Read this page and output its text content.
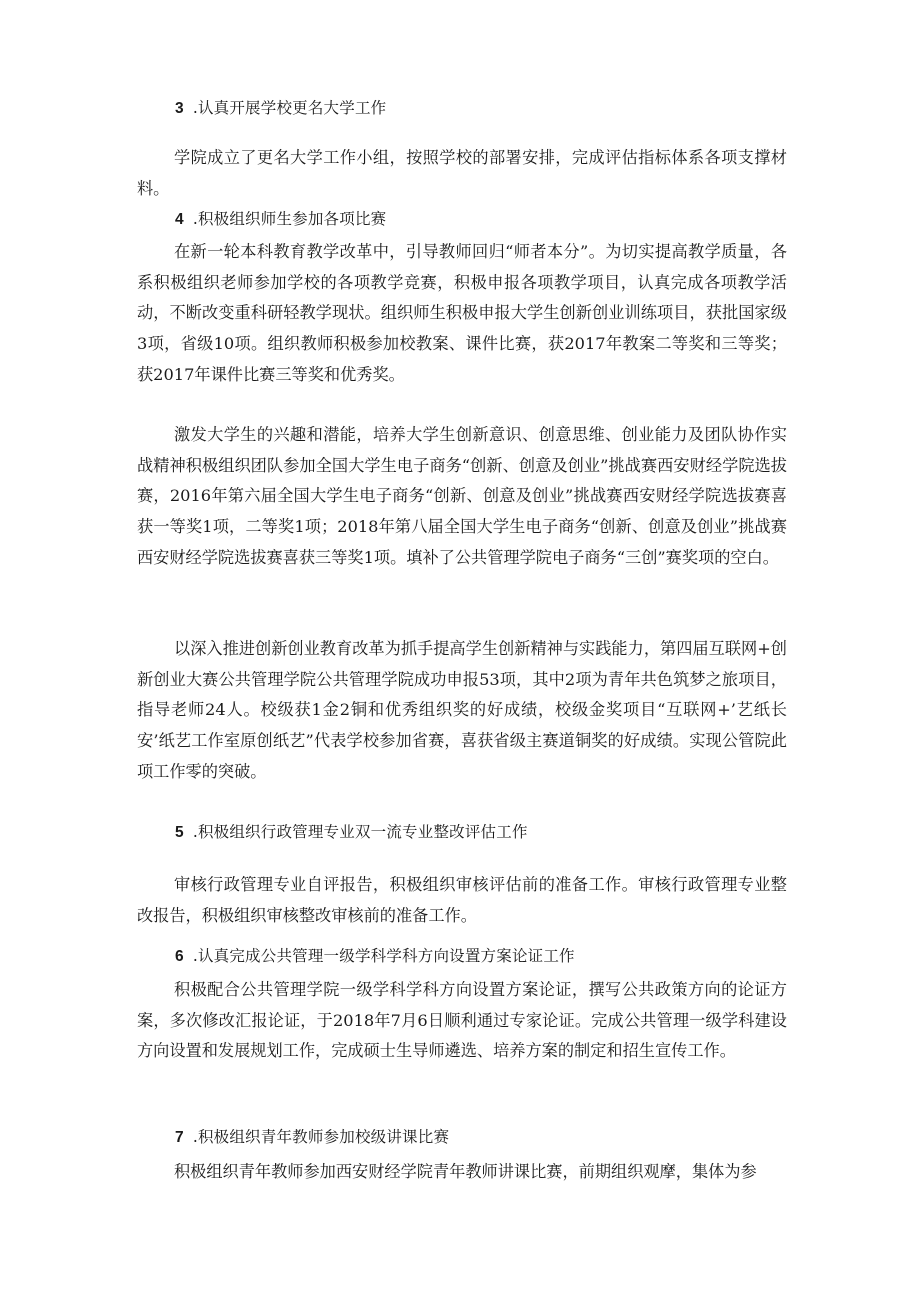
3 .认真开展学校更名大学工作
学院成立了更名大学工作小组，按照学校的部署安排，完成评估指标体系各项支撑材料。
4 .积极组织师生参加各项比赛
在新一轮本科教育教学改革中，引导教师回归“师者本分”。为切实提高教学质量，各系积极组织老师参加学校的各项教学竞赛，积极申报各项教学项目，认真完成各项教学活动，不断改变重科研轻教学现状。组织师生积极申报大学生创新创业训练项目，获批国家级3项，省级10项。组织教师积极参加校教案、课件比赛，获2017年教案二等奖和三等奖；获2017年课件比赛三等奖和优秀奖。
激发大学生的兴趣和潜能，培养大学生创新意识、创意思维、创业能力及团队协作实战精神积极组织团队参加全国大学生电子商务“创新、创意及创业”挑战赛西安财经学院选拔赛，2016年第六届全国大学生电子商务“创新、创意及创业”挑战赛西安财经学院选拔赛喜获一等奖1项，二等奖1项；2018年第八届全国大学生电子商务“创新、创意及创业”挑战赛西安财经学院选拔赛喜获三等奖1项。填补了公共管理学院电子商务“三创”赛奖项的空白。
以深入推进创新创业教育改革为抓手提高学生创新精神与实践能力，第四届互联网+创新创业大赛公共管理学院公共管理学院成功申报53项，其中2项为青年共色筑梦之旅项目，指导老师24人。校级获1金2铜和优秀组织奖的好成绩，校级金奖项目“互联网+’艺纸长安’纸艺工作室原创纸艺”代表学校参加省赛，喜获省级主赛道铜奖的好成绩。实现公管院此项工作零的突破。
5 .积极组织行政管理专业双一流专业整改评估工作
审核行政管理专业自评报告，积极组织审核评估前的准备工作。审核行政管理专业整改报告，积极组织审核整改审核前的准备工作。
6 .认真完成公共管理一级学科学科方向设置方案论证工作
积极配合公共管理学院一级学科学科方向设置方案论证，撰写公共政策方向的论证方案，多次修改汇报论证，于2018年7月6日顺利通过专家论证。完成公共管理一级学科建设方向设置和发展规划工作，完成硕士生导师遴选、培养方案的制定和招生宣传工作。
7 .积极组织青年教师参加校级讲课比赛
积极组织青年教师参加西安财经学院青年教师讲课比赛，前期组织观摩，集体为参
